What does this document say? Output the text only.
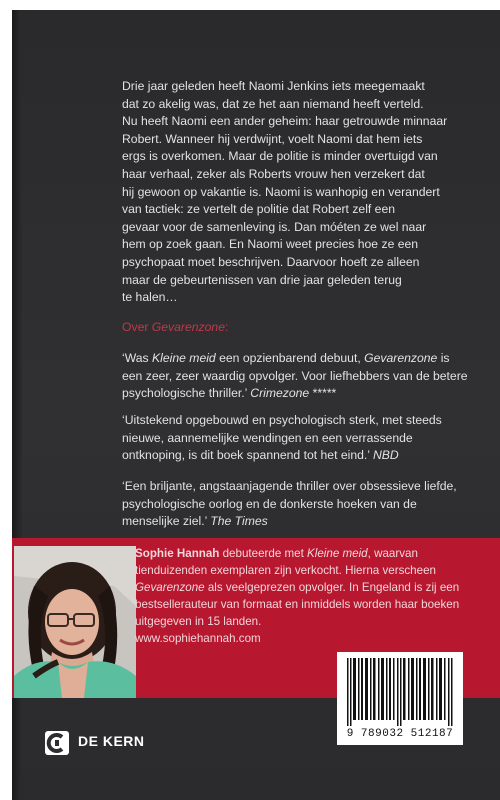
Drie jaar geleden heeft Naomi Jenkins iets meegemaakt

dat zo akelig was, dat ze het aan niemand heeft verteld.

Nu heeft Naomi een ander geheim: haar getrouwde minnaar

Robert. Wanneer hij verdwijnt, voelt Naomi dat hem iets

ergs is overkomen. Maar de politie is minder overtuigd van

haar verhaal, zeker als Roberts vrouw hen verzekert dat

hij gewoon op vakantie is. Naomi is wanhopig en verandert

van tactiek: ze vertelt de politie dat Robert zelf een

gevaar voor de samenleving is. Dan móéten ze wel naar

hem op zoek gaan. En Naomi weet precies hoe ze een

psychopaat moet beschrijven. Daarvoor hoeft ze alleen

maar de gebeurtenissen van drie jaar geleden terug

te halen…

Over Gevarenzone:
‘Was Kleine meid een opzienbarend debuut, Gevarenzone is een zeer, zeer waardig opvolger. Voor liefhebbers van de betere psychologische thriller.’ Crimezone *****
‘Uitstekend opgebouwd en psychologisch sterk, met steeds nieuwe, aannemelijke wendingen en een verrassende ontknoping, is dit boek spannend tot het eind.’ NBD
‘Een briljante, angstaanjagende thriller over obsessieve liefde, psychologische oorlog en de donkerste hoeken van de menselijke ziel.’ The Times
Sophie Hannah debuteerde met Kleine meid, waarvan tienduizenden exemplaren zijn verkocht. Hierna verscheen Gevarenzone als veelgeprezen opvolger. In Engeland is zij een bestsellerauteur van formaat en inmiddels worden haar boeken uitgegeven in 15 landen.
www.sophiehannah.com
9 789032 512187
DE KERN
